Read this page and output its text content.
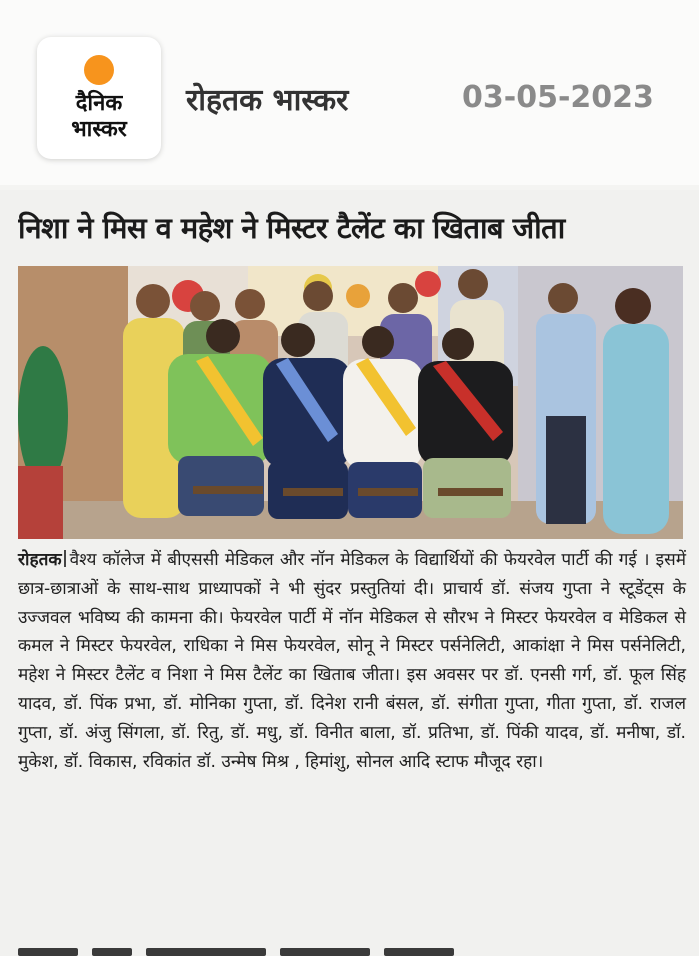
दैनिक
भास्कर
रोहतक भास्कर	03-05-2023
निशा ने मिस व महेश ने मिस्टर टैलेंट का खिताब जीता
रोहतक वैश्य कॉलेज में बीएससी मेडिकल और नॉन मेडिकल के विद्यार्थियों की फेयरवेल पार्टी की गई । इसमें छात्र-छात्राओं के साथ-साथ प्राध्यापकों ने भी सुंदर प्रस्तुतियां दी। प्राचार्य डॉ. संजय गुप्ता ने स्टूडेंट्स के उज्जवल भविष्य की कामना की। फेयरवेल पार्टी में नॉन मेडिकल से सौरभ ने मिस्टर फेयरवेल व मेडिकल से कमल ने मिस्टर फेयरवेल, राधिका ने मिस फेयरवेल, सोनू ने मिस्टर पर्सनेलिटी, आकांक्षा ने मिस पर्सनेलिटी, महेश ने मिस्टर टैलेंट व निशा ने मिस टैलेंट का खिताब जीता। इस अवसर पर डॉ. एनसी गर्ग, डॉ. फूल सिंह यादव, डॉ. पिंक प्रभा, डॉ. मोनिका गुप्ता, डॉ. दिनेश रानी बंसल, डॉ. संगीता गुप्ता, गीता गुप्ता, डॉ. राजल गुप्ता, डॉ. अंजु सिंगला, डॉ. रितु, डॉ. मधु, डॉ. विनीत बाला, डॉ. प्रतिभा, डॉ. पिंकी यादव, डॉ. मनीषा, डॉ. मुकेश, डॉ. विकास, रविकांत डॉ. उन्मेष मिश्र , हिमांशु, सोनल आदि स्टाफ मौजूद रहा।
